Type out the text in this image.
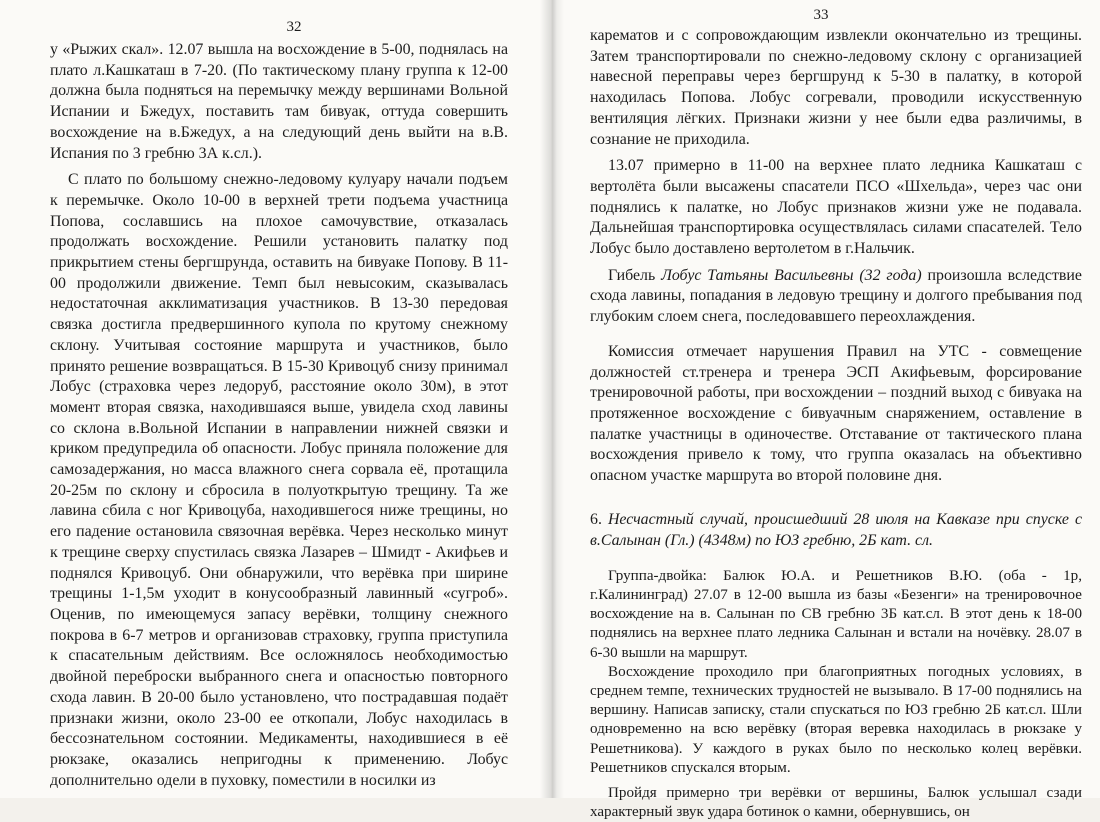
32

у «Рыжих скал». 12.07 вышла на восхождение в 5-00, поднялась на плато л.Кашкаташ в 7-20. (По тактическому плану группа к 12-00 должна была подняться на перемычку между вершинами Вольной Испании и Бжедух, поставить там бивуак, оттуда совершить восхождение на в.Бжедух, а на следующий день выйти на в.В. Испания по 3 гребню 3А к.сл.).

С плато по большому снежно-ледовому кулуару начали подъем к перемычке. Около 10-00 в верхней трети подъема участница Попова, сославшись на плохое самочувствие, отказалась продолжать восхождение. Решили установить палатку под прикрытием стены бергшрунда, оставить на бивуаке Попову. В 11-00 продолжили движение. Темп был невысоким, сказывалась недостаточная акклиматизация участников. В 13-30 передовая связка достигла предвершинного купола по крутому снежному склону. Учитывая состояние маршрута и участников, было принято решение возвращаться. В 15-30 Кривоцуб снизу принимал Лобус (страховка через ледоруб, расстояние около 30м), в этот момент вторая связка, находившаяся выше, увидела сход лавины со склона в.Вольной Испании в направлении нижней связки и криком предупредила об опасности. Лобус приняла положение для самозадержания, но масса влажного снега сорвала её, протащила 20-25м по склону и сбросила в полуоткрытую трещину. Та же лавина сбила с ног Кривоцуба, находившегося ниже трещины, но его падение остановила связочная верёвка. Через несколько минут к трещине сверху спустилась связка Лазарев – Шмидт - Акифьев и поднялся Кривоцуб. Они обнаружили, что верёвка при ширине трещины 1-1,5м уходит в конусообразный лавинный «сугроб». Оценив, по имеющемуся запасу верёвки, толщину снежного покрова в 6-7 метров и организовав страховку, группа приступила к спасательным действиям. Все осложнялось необходимостью двойной переброски выбранного снега и опасностью повторного схода лавин. В 20-00 было установлено, что пострадавшая подаёт признаки жизни, около 23-00 ее откопали, Лобус находилась в бессознательном состоянии. Медикаменты, находившиеся в её рюкзаке, оказались непригодны к применению. Лобус дополнительно одели в пуховку, поместили в носилки из

33

карематов и с сопровождающим извлекли окончательно из трещины. Затем транспортировали по снежно-ледовому склону с организацией навесной переправы через бергшрунд к 5-30 в палатку, в которой находилась Попова. Лобус согревали, проводили искусственную вентиляция лёгких. Признаки жизни у нее были едва различимы, в сознание не приходила.

13.07 примерно в 11-00 на верхнее плато ледника Кашкаташ с вертолёта были высажены спасатели ПСО «Шхельда», через час они поднялись к палатке, но Лобус признаков жизни уже не подавала. Дальнейшая транспортировка осуществлялась силами спасателей. Тело Лобус было доставлено вертолетом в г.Нальчик.

Гибель Лобус Татьяны Васильевны (32 года) произошла вследствие схода лавины, попадания в ледовую трещину и долгого пребывания под глубоким слоем снега, последовавшего переохлаждения.

Комиссия отмечает нарушения Правил на УТС - совмещение должностей ст.тренера и тренера ЭСП Акифьевым, форсирование тренировочной работы, при восхождении – поздний выход с бивуака на протяженное восхождение с бивуачным снаряжением, оставление в палатке участницы в одиночестве. Отставание от тактического плана восхождения привело к тому, что группа оказалась на объективно опасном участке маршрута во второй половине дня.

6. Несчастный случай, происшедший 28 июля на Кавказе при спуске с в.Салынан (Гл.) (4348м) по ЮЗ гребню, 2Б кат. сл.

Группа-двойка: Балюк Ю.А. и Решетников В.Ю. (оба - 1р, г.Калининград) 27.07 в 12-00 вышла из базы «Безенги» на тренировочное восхождение на в. Салынан по СВ гребню 3Б кат.сл. В этот день к 18-00 поднялись на верхнее плато ледника Салынан и встали на ночёвку. 28.07 в 6-30 вышли на маршрут.

Восхождение проходило при благоприятных погодных условиях, в среднем темпе, технических трудностей не вызывало. В 17-00 поднялись на вершину. Написав записку, стали спускаться по ЮЗ гребню 2Б кат.сл. Шли одновременно на всю верёвку (вторая веревка находилась в рюкзаке у Решетникова). У каждого в руках было по несколько колец верёвки. Решетников спускался вторым.

Пройдя примерно три верёвки от вершины, Балюк услышал сзади характерный звук удара ботинок о камни, обернувшись, он
